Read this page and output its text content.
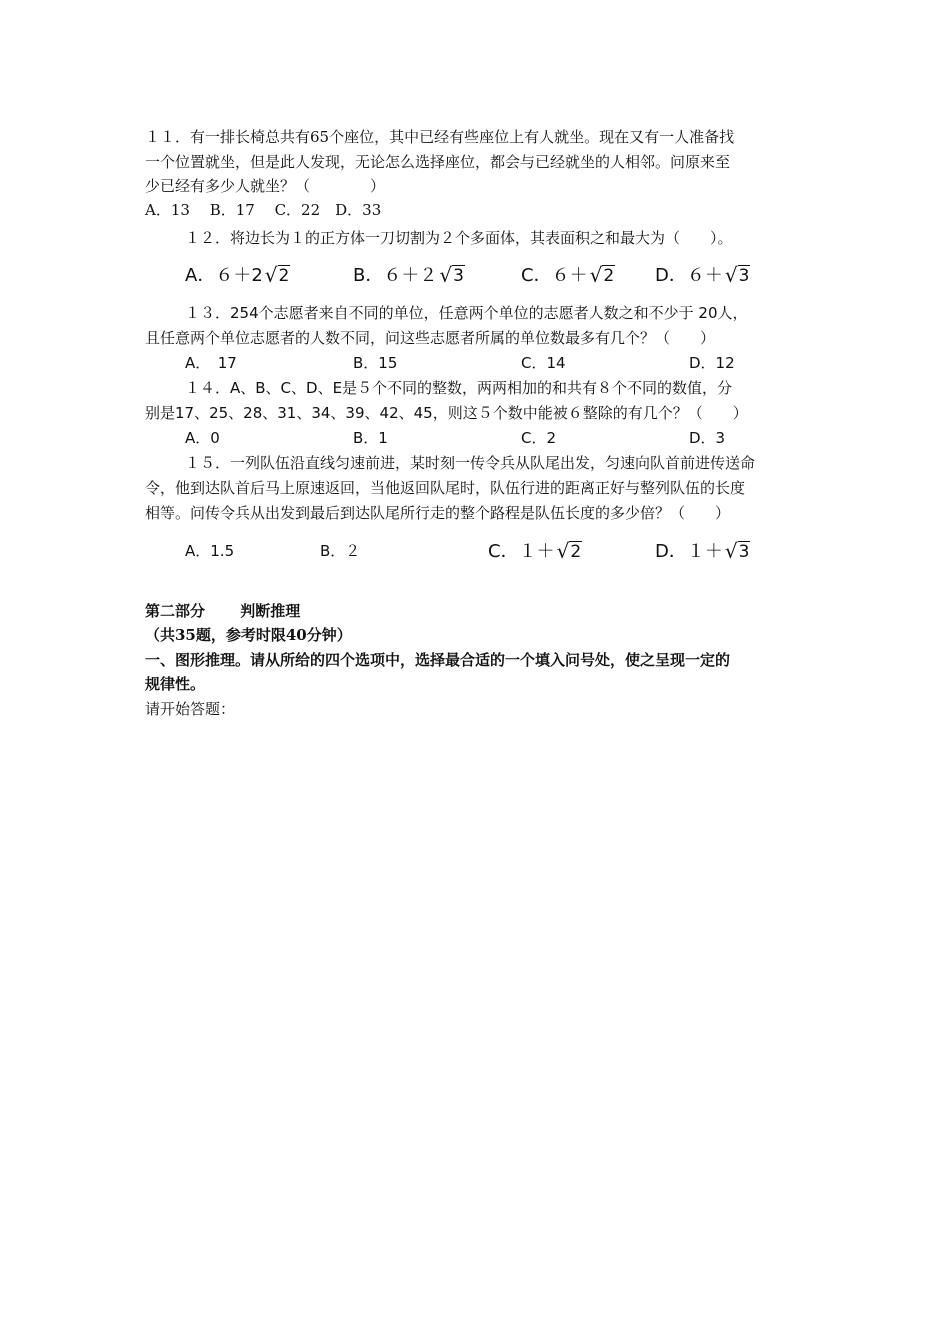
１１．有一排长椅总共有65个座位，其中已经有些座位上有人就坐。现在又有一人准备找
一个位置就坐，但是此人发现，无论怎么选择座位，都会与已经就坐的人相邻。问原来至
少已经有多少人就坐？（　　　　）
A．13　 B．17　 C．22　D．33
１２．将边长为１的正方体一刀切割为２个多面体，其表面积之和最大为（　　）。
A．６＋2 √2	B．６＋２ √3	C．６＋ √2 D．６＋ √3
１３．254个志愿者来自不同的单位，任意两个单位的志愿者人数之和不少于 20人，
且任意两个单位志愿者的人数不同，问这些志愿者所属的单位数最多有几个？（　　）
A．　17	B．15	C．14	D．12
１４．A、B、C、D、E是５个不同的整数，两两相加的和共有８个不同的数值，分
别是17、25、28、31、34、39、42、45，则这５个数中能被６整除的有几个？（　　）
A．0	B．1	C．2	D．3
１５．一列队伍沿直线匀速前进，某时刻一传令兵从队尾出发，匀速向队首前进传送命
令，他到达队首后马上原速返回，当他返回队尾时，队伍行进的距离正好与整列队伍的长度
相等。问传令兵从出发到最后到达队尾所行走的整个路程是队伍长度的多少倍？（　　）
A．1.5	B．２	C．１＋ √2	D．１＋ √3
第二部分　　 判断推理
（共35题，参考时限40分钟）
一、图形推理。请从所给的四个选项中，选择最合适的一个填入问号处，使之呈现一定的
规律性。
请开始答题：
